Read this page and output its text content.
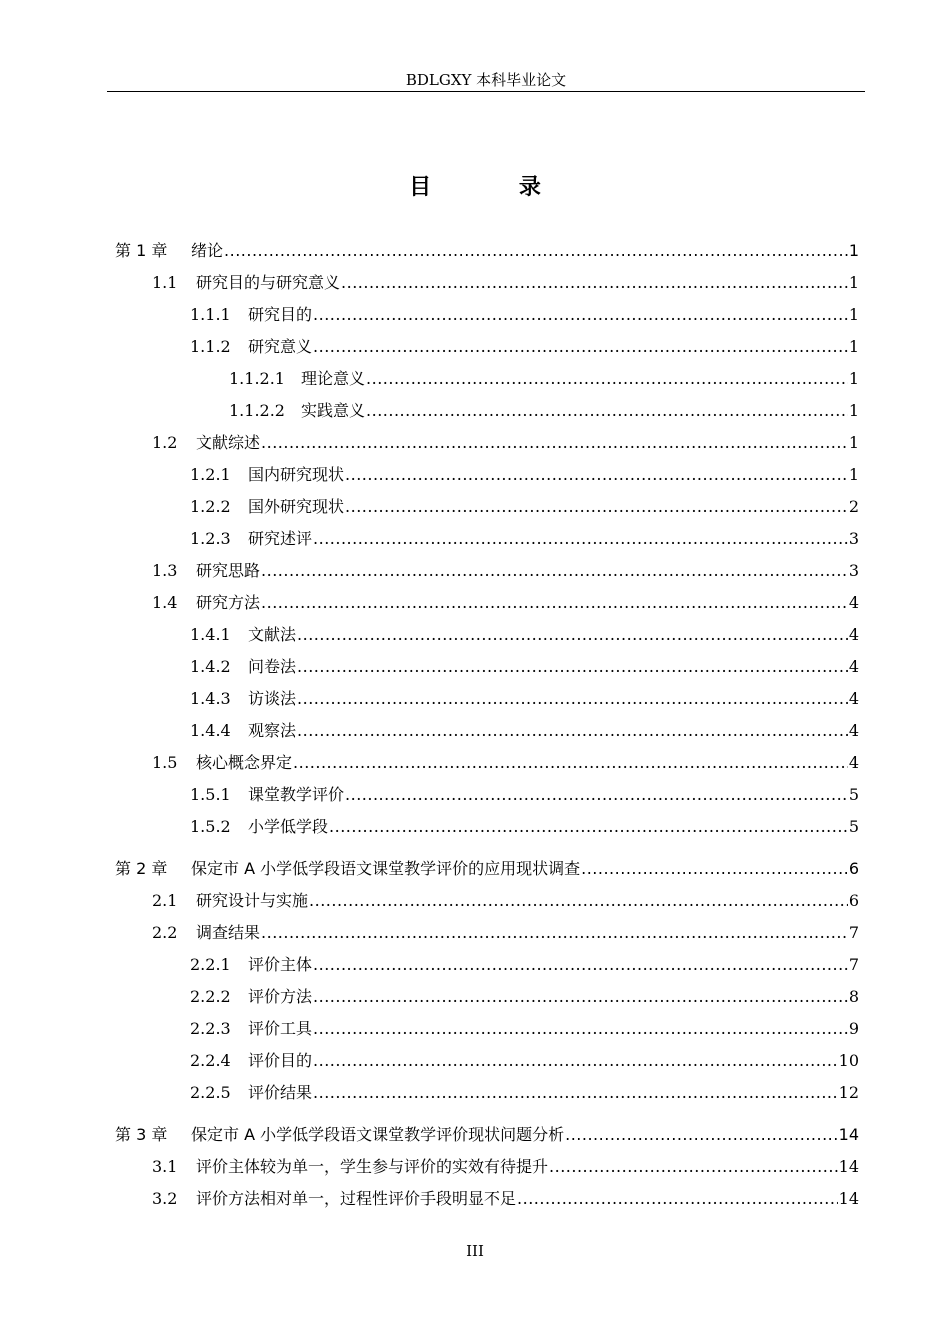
BDLGXY 本科毕业论文
目 录
第 1 章	绪论 .....	1
1.1	研究目的与研究意义 .....	1
1.1.1	研究目的 .....	1
1.1.2	研究意义 .....	1
1.1.2.1	理论意义 .....	1
1.1.2.2	实践意义 .....	1
1.2	文献综述 .....	1
1.2.1	国内研究现状 .....	1
1.2.2	国外研究现状 .....	2
1.2.3	研究述评 .....	3
1.3	研究思路 .....	3
1.4	研究方法 .....	4
1.4.1	文献法 .....	4
1.4.2	问卷法 .....	4
1.4.3	访谈法 .....	4
1.4.4	观察法 .....	4
1.5	核心概念界定 .....	4
1.5.1	课堂教学评价 .....	5
1.5.2	小学低学段 .....	5
第 2 章	保定市 A 小学低学段语文课堂教学评价的应用现状调查 .....	6
2.1	研究设计与实施 .....	6
2.2	调查结果 .....	7
2.2.1	评价主体 .....	7
2.2.2	评价方法 .....	8
2.2.3	评价工具 .....	9
2.2.4	评价目的 .....	10
2.2.5	评价结果 .....	12
第 3 章	保定市 A 小学低学段语文课堂教学评价现状问题分析 .....	14
3.1	评价主体较为单一，学生参与评价的实效有待提升 .....	14
3.2	评价方法相对单一，过程性评价手段明显不足 .....	14
III
